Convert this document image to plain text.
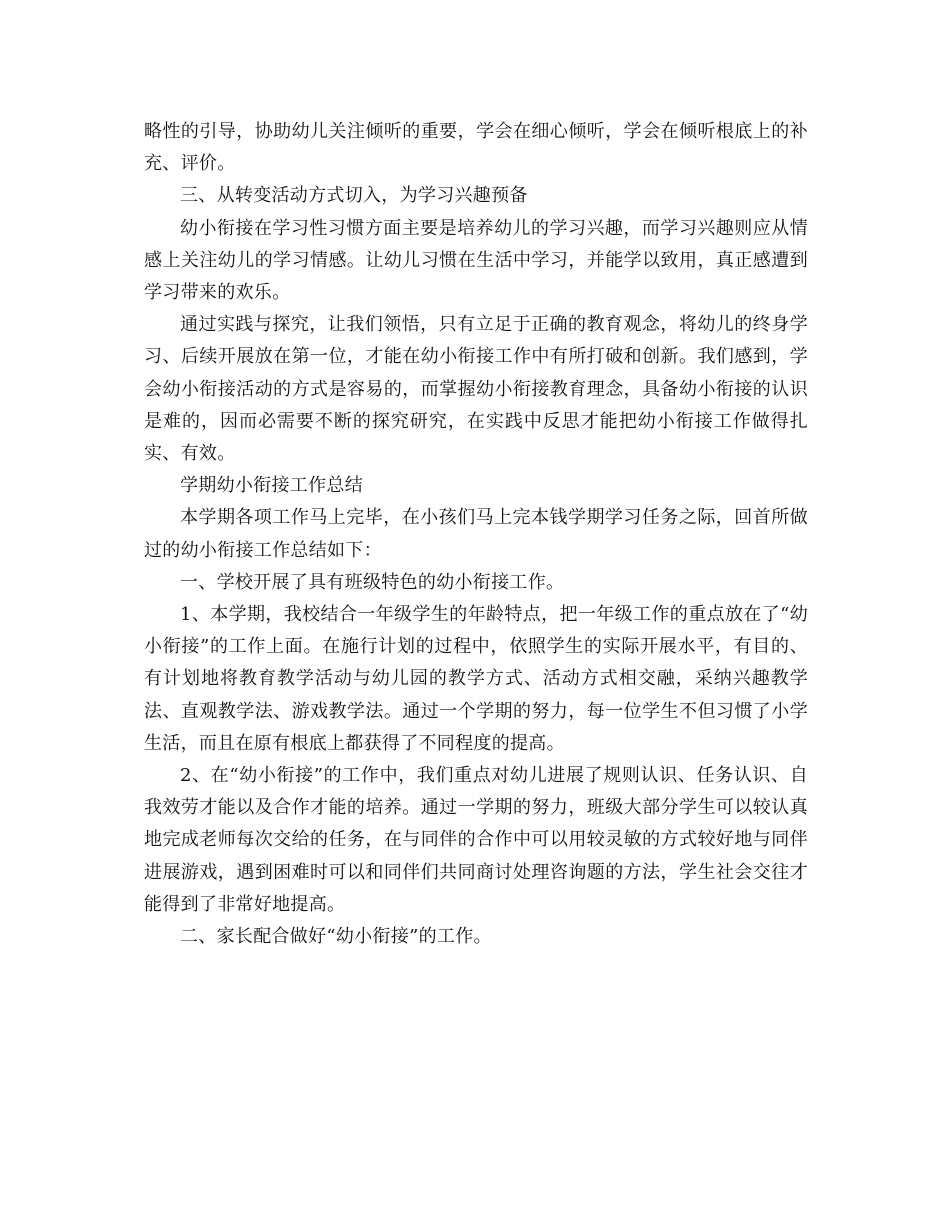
略性的引导，协助幼儿关注倾听的重要，学会在细心倾听，学会在倾听根底上的补充、评价。

三、从转变活动方式切入，为学习兴趣预备

幼小衔接在学习性习惯方面主要是培养幼儿的学习兴趣，而学习兴趣则应从情感上关注幼儿的学习情感。让幼儿习惯在生活中学习，并能学以致用，真正感遭到学习带来的欢乐。

通过实践与探究，让我们领悟，只有立足于正确的教育观念，将幼儿的终身学习、后续开展放在第一位，才能在幼小衔接工作中有所打破和创新。我们感到，学会幼小衔接活动的方式是容易的，而掌握幼小衔接教育理念，具备幼小衔接的认识是难的，因而必需要不断的探究研究，在实践中反思才能把幼小衔接工作做得扎实、有效。

学期幼小衔接工作总结

本学期各项工作马上完毕，在小孩们马上完本钱学期学习任务之际，回首所做过的幼小衔接工作总结如下：

一、学校开展了具有班级特色的幼小衔接工作。

1、本学期，我校结合一年级学生的年龄特点，把一年级工作的重点放在了“幼小衔接”的工作上面。在施行计划的过程中，依照学生的实际开展水平，有目的、有计划地将教育教学活动与幼儿园的教学方式、活动方式相交融，采纳兴趣教学法、直观教学法、游戏教学法。通过一个学期的努力，每一位学生不但习惯了小学生活，而且在原有根底上都获得了不同程度的提高。

2、在“幼小衔接”的工作中，我们重点对幼儿进展了规则认识、任务认识、自我效劳才能以及合作才能的培养。通过一学期的努力，班级大部分学生可以较认真地完成老师每次交给的任务，在与同伴的合作中可以用较灵敏的方式较好地与同伴进展游戏，遇到困难时可以和同伴们共同商讨处理咨询题的方法，学生社会交往才能得到了非常好地提高。

二、家长配合做好“幼小衔接”的工作。
